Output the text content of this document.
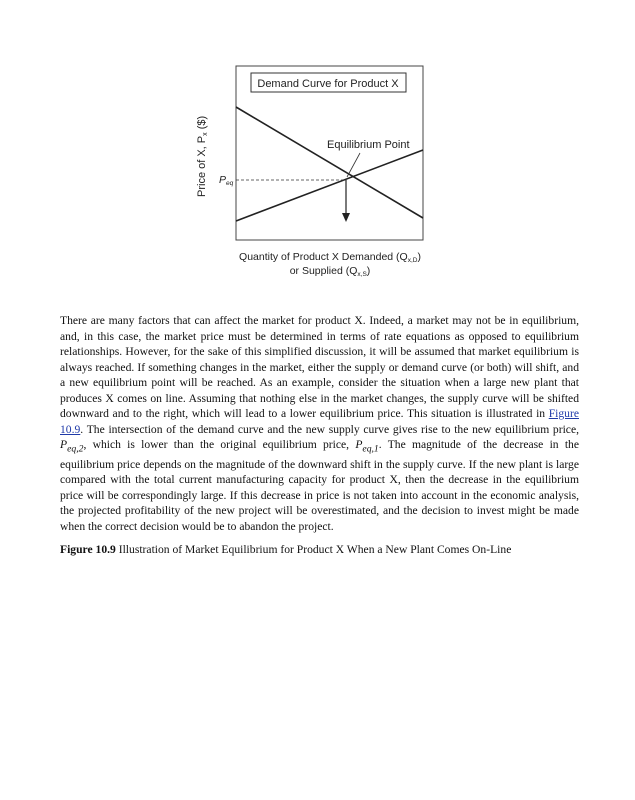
Demand Curve for Product X
Equilibrium Point
Peq
Price of X, Px ($)
Quantity of Product X Demanded (Qx,D)
or Supplied (Qx,S)

There are many factors that can affect the market for product X. Indeed, a market may not be in equilibrium, and, in this case, the market price must be determined in terms of rate equations as opposed to equilibrium relationships. However, for the sake of this simplified discussion, it will be assumed that market equilibrium is always reached. If something changes in the market, either the supply or demand curve (or both) will shift, and a new equilibrium point will be reached. As an example, consider the situation when a large new plant that produces X comes on line. Assuming that nothing else in the market changes, the supply curve will be shifted downward and to the right, which will lead to a lower equilibrium price. This situation is illustrated in Figure 10.9. The intersection of the demand curve and the new supply curve gives rise to the new equilibrium price, $P_{eq,2}$, which is lower than the original equilibrium price, $P_{eq,1}$. The magnitude of the decrease in the equilibrium price depends on the magnitude of the downward shift in the supply curve. If the new plant is large compared with the total current manufacturing capacity for product X, then the decrease in the equilibrium price will be correspondingly large. If this decrease in price is not taken into account in the economic analysis, the projected profitability of the new project will be overestimated, and the decision to invest might be made when the correct decision would be to abandon the project.

Figure 10.9 Illustration of Market Equilibrium for Product X When a New Plant Comes On-Line
